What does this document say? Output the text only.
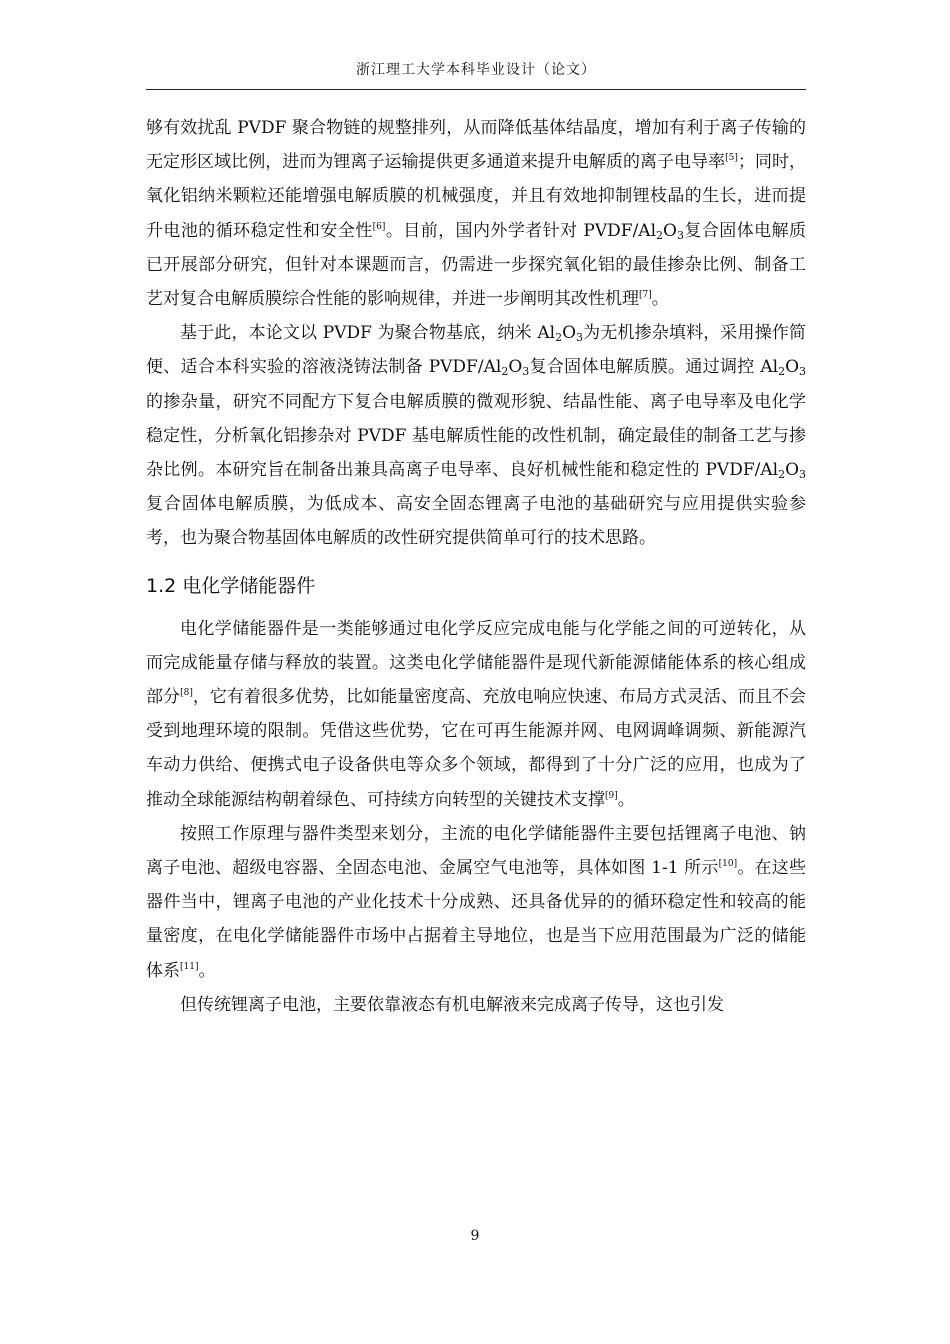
浙江理工大学本科毕业设计（论文）

够有效扰乱 PVDF 聚合物链的规整排列，从而降低基体结晶度，增加有利于离子传输的无定形区域比例，进而为锂离子运输提供更多通道来提升电解质的离子电导率[5]；同时，氧化铝纳米颗粒还能增强电解质膜的机械强度，并且有效地抑制锂枝晶的生长，进而提升电池的循环稳定性和安全性[6]。目前，国内外学者针对 PVDF/$Al_2O_3$复合固体电解质已开展部分研究，但针对本课题而言，仍需进一步探究氧化铝的最佳掺杂比例、制备工艺对复合电解质膜综合性能的影响规律，并进一步阐明其改性机理[7]。

基于此，本论文以 PVDF 为聚合物基底，纳米 $Al_2O_3$为无机掺杂填料，采用操作简便、适合本科实验的溶液浇铸法制备 PVDF/$Al_2O_3$复合固体电解质膜。通过调控 $Al_2O_3$的掺杂量，研究不同配方下复合电解质膜的微观形貌、结晶性能、离子电导率及电化学稳定性，分析氧化铝掺杂对 PVDF 基电解质性能的改性机制，确定最佳的制备工艺与掺杂比例。本研究旨在制备出兼具高离子电导率、良好机械性能和稳定性的 PVDF/$Al_2O_3$复合固体电解质膜，为低成本、高安全固态锂离子电池的基础研究与应用提供实验参考，也为聚合物基固体电解质的改性研究提供简单可行的技术思路。

1.2 电化学储能器件

电化学储能器件是一类能够通过电化学反应完成电能与化学能之间的可逆转化，从而完成能量存储与释放的装置。这类电化学储能器件是现代新能源储能体系的核心组成部分[8]，它有着很多优势，比如能量密度高、充放电响应快速、布局方式灵活、而且不会受到地理环境的限制。凭借这些优势，它在可再生能源并网、电网调峰调频、新能源汽车动力供给、便携式电子设备供电等众多个领域，都得到了十分广泛的应用，也成为了推动全球能源结构朝着绿色、可持续方向转型的关键技术支撑[9]。

按照工作原理与器件类型来划分，主流的电化学储能器件主要包括锂离子电池、钠离子电池、超级电容器、全固态电池、金属空气电池等，具体如图 1-1 所示[10]。在这些器件当中，锂离子电池的产业化技术十分成熟、还具备优异的的循环稳定性和较高的能量密度，在电化学储能器件市场中占据着主导地位，也是当下应用范围最为广泛的储能体系[11]。

但传统锂离子电池，主要依靠液态有机电解液来完成离子传导，这也引发

9
